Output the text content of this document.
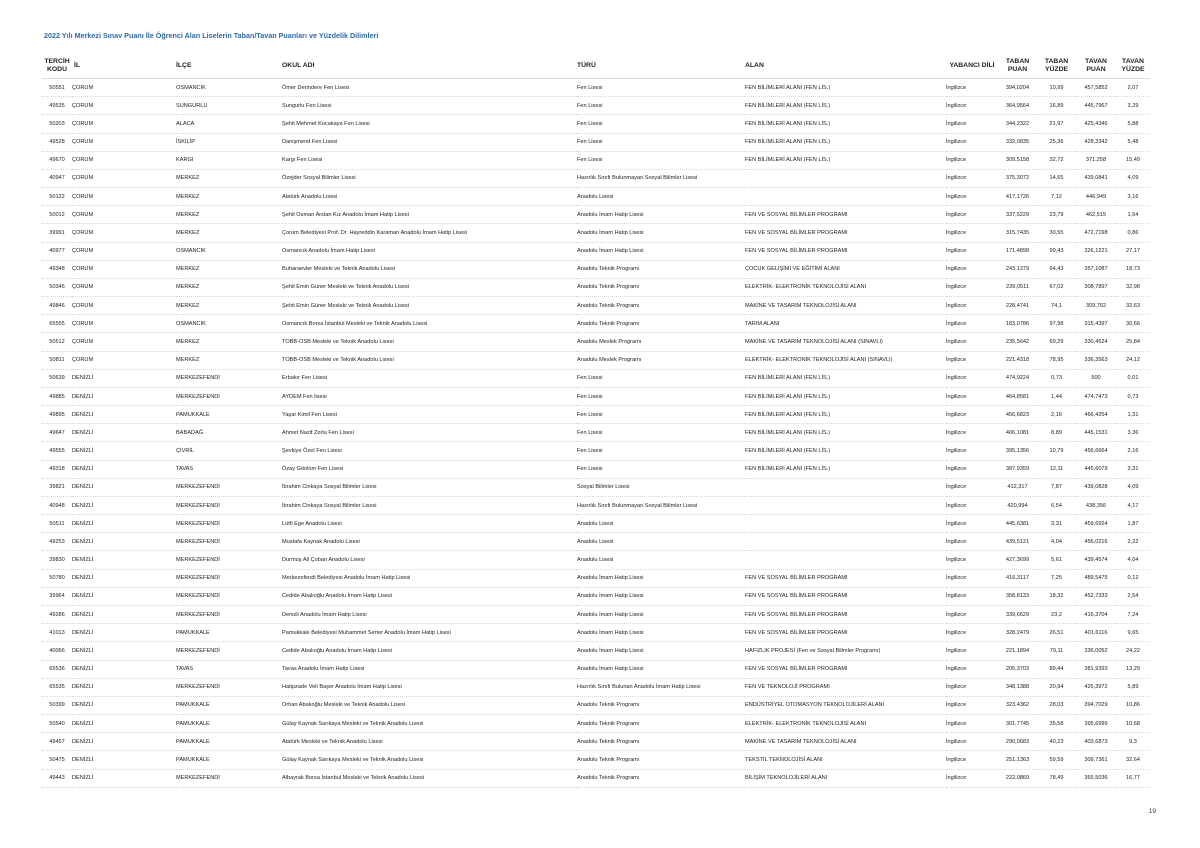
2022 Yılı Merkezi Sınav Puanı İle Öğrenci Alan Liselerin Taban/Tavan Puanları ve Yüzdelik Dilimleri
TERCİH KODU	İL	İLÇE	OKUL ADI	TÜRÜ	ALAN	YABANCI DİLİ	TABAN PUAN	TABAN YÜZDE	TAVAN PUAN	TAVAN YÜZDE
50551	ÇORUM	OSMANCIK	Ömer Derindere Fen Lisesi	Fen Lisesi	FEN BİLİMLERİ ALANI (FEN LİS.)	İngilizce	394,0204	10,99	457,5852	2,07
49535	ÇORUM	SUNGURLU	Sungurlu Fen Lisesi	Fen Lisesi	FEN BİLİMLERİ ALANI (FEN LİS.)	İngilizce	364,9564	16,89	445,7967	3,29
50203	ÇORUM	ALACA	Şehit Mehmet Kocakaya Fen Lisesi	Fen Lisesi	FEN BİLİMLERİ ALANI (FEN LİS.)	İngilizce	344,2322	21,97	425,4346	5,88
49528	ÇORUM	İSKİLİP	Danişmend Fen Lisesi	Fen Lisesi	FEN BİLİMLERİ ALANI (FEN LİS.)	İngilizce	332,0835	25,36	428,3342	5,48
49670	ÇORUM	KARGI	Kargı Fen Lisesi	Fen Lisesi	FEN BİLİMLERİ ALANI (FEN LİS.)	İngilizce	309,5158	32,72	371,258	15,49
40947	ÇORUM	MERKEZ	Özejder Sosyal Bilimler Lisesi	Hazırlık Sınıfı Bulunmayan Sosyal Bilimler Lisesi		İngilizce	375,3072	14,65	439,0841	4,09
50122	ÇORUM	MERKEZ	Atatürk Anadolu Lisesi	Anadolu Lisesi		İngilizce	417,1726	7,12	446,949	3,16
50012	ÇORUM	MERKEZ	Şehit Osman Arslan Kız Anadolu İmam Hatip Lisesi	Anadolu İmam Hatip Lisesi	FEN VE SOSYAL BİLİMLER PROGRAMI	İngilizce	337,5229	23,79	462,515	1,64
39991	ÇORUM	MERKEZ	Çorum Belediyesi Prof. Dr. Hayreddin Karaman Anadolu İmam Hatip Lisesi	Anadolu İmam Hatip Lisesi	FEN VE SOSYAL BİLİMLER PROGRAMI	İngilizce	315,7435	30,55	472,7198	0,86
40977	ÇORUM	OSMANCIK	Osmancık Anadolu İmam Hatip Lisesi	Anadolu İmam Hatip Lisesi	FEN VE SOSYAL BİLİMLER PROGRAMI	İngilizce	171,4898	99,43	326,1221	27,17
49348	ÇORUM	MERKEZ	Buharaevler Mesleki ve Teknik Anadolu Lisesi	Anadolu Teknik Programı	ÇOCUK GELİŞİMİ VE EĞİTİMİ ALANI	İngilizce	243,1379	64,43	357,1087	18,73
50346	ÇORUM	MERKEZ	Şehit Emin Güner Mesleki ve Teknik Anadolu Lisesi	Anadolu Teknik Programı	ELEKTRİK- ELEKTRONİK TEKNOLOJİSİ ALANI	İngilizce	239,0511	67,02	308,7897	32,98
49846	ÇORUM	MERKEZ	Şehit Emin Güner Mesleki ve Teknik Anadolu Lisesi	Anadolu Teknik Programı	MAKİNE VE TASARIM TEKNOLOJİSİ ALANI	İngilizce	228,4741	74,1	309,762	32,63
65555	ÇORUM	OSMANCIK	Osmancık Borsa İstanbul Mesleki ve Teknik Anadolu Lisesi	Anadolu Teknik Programı	TARIM ALANI	İngilizce	183,0786	97,98	315,4397	30,66
50512	ÇORUM	MERKEZ	TOBB-OSB Mesleki ve Teknik Anadolu Lisesi	Anadolu Meslek Programı	MAKİNE VE TASARIM TEKNOLOJİSİ ALANI (SINAVLI)	İngilizce	235,5642	69,29	330,4524	25,84
50811	ÇORUM	MERKEZ	TOBB-OSB Mesleki ve Teknik Anadolu Lisesi	Anadolu Meslek Programı	ELEKTRİK- ELEKTRONİK TEKNOLOJİSİ ALANI (SINAVLI)	İngilizce	221,4318	78,95	336,3563	24,12
50639	DENİZLİ	MERKEZEFENDİ	Erbakır Fen Lisesi	Fen Lisesi	FEN BİLİMLERİ ALANI (FEN LİS.)	İngilizce	474,9224	0,73	500	0,01
49885	DENİZLİ	MERKEZEFENDİ	AYDEM Fen lisesi	Fen Lisesi	FEN BİLİMLERİ ALANI (FEN LİS.)	İngilizce	464,8581	1,44	474,7473	0,73
49895	DENİZLİ	PAMUKKALE	Yaşar Kimil Fen Lisesi	Fen Lisesi	FEN BİLİMLERİ ALANI (FEN LİS.)	İngilizce	456,6823	2,16	466,4254	1,31
49647	DENİZLİ	BABADAĞ	Ahmet Nazif Zorlu Fen Lisesi	Fen Lisesi	FEN BİLİMLERİ ALANI (FEN LİS.)	İngilizce	406,1081	8,89	445,1531	3,36
49555	DENİZLİ	ÇİVRİL	Şevkiye Özel Fen Lisesi	Fen Lisesi	FEN BİLİMLERİ ALANI (FEN LİS.)	İngilizce	395,1356	10,79	456,6664	2,16
49318	DENİZLİ	TAVAS	Özay Gönlüm Fen Lisesi	Fen Lisesi	FEN BİLİMLERİ ALANI (FEN LİS.)	İngilizce	387,9359	12,11	445,6079	3,31
39821	DENİZLİ	MERKEZEFENDİ	İbrahim Cinkaya Sosyal Bilimler Lisesi	Sosyal Bilimler Lisesi		İngilizce	412,317	7,87	439,0828	4,09
40948	DENİZLİ	MERKEZEFENDİ	İbrahim Cinkaya Sosyal Bilimler Lisesi	Hazırlık Sınıfı Bulunmayan Sosyal Bilimler Lisesi		İngilizce	420,994	6,54	438,356	4,17
50511	DENİZLİ	MERKEZEFENDİ	Lütfi Ege Anadolu Lisesi	Anadolu Lisesi		İngilizce	445,6381	3,31	459,6924	1,87
49253	DENİZLİ	MERKEZEFENDİ	Mustafa Kaynak Anadolu Lisesi	Anadolu Lisesi		İngilizce	439,5121	4,04	456,0216	2,22
39830	DENİZLİ	MERKEZEFENDİ	Durmuş Ali Çoban Anadolu Lisesi	Anadolu Lisesi		İngilizce	427,3699	5,61	439,4574	4,04
50780	DENİZLİ	MERKEZEFENDİ	Merkezefendi Belediyesi Anadolu İmam Hatip Lisesi	Anadolu İmam Hatip Lisesi	FEN VE SOSYAL BİLİMLER PROGRAMI	İngilizce	416,3117	7,25	489,5475	0,12
39964	DENİZLİ	MERKEZEFENDİ	Cedide Abalıoğlu Anadolu İmam Hatip Lisesi	Anadolu İmam Hatip Lisesi	FEN VE SOSYAL BİLİMLER PROGRAMI	İngilizce	358,8133	18,32	452,7333	2,54
49286	DENİZLİ	MERKEZEFENDİ	Denizli Anadolu İmam Hatip Lisesi	Anadolu İmam Hatip Lisesi	FEN VE SOSYAL BİLİMLER PROGRAMI	İngilizce	339,6629	23,2	416,3704	7,24
41013	DENİZLİ	PAMUKKALE	Pamukkale Belediyesi Muhammet Serter Anadolu İmam Hatip Lisesi	Anadolu İmam Hatip Lisesi	FEN VE SOSYAL BİLİMLER PROGRAMI	İngilizce	328,2479	26,51	401,6116	9,65
40066	DENİZLİ	MERKEZEFENDİ	Cedide Abalıoğlu Anadolu İmam Hatip Lisesi	Anadolu İmam Hatip Lisesi	HAFIZLIK PROJESİ (Fen ve Sosyal Bilimler Programı)	İngilizce	221,1894	79,11	336,0052	24,22
65536	DENİZLİ	TAVAS	Tavas Anadolu İmam Hatip Lisesi	Anadolu İmam Hatip Lisesi	FEN VE SOSYAL BİLİMLER PROGRAMI	İngilizce	205,3703	89,44	381,9393	13,29
65535	DENİZLİ	MERKEZEFENDİ	Hatipzade Veli Başer Anadolu İmam Hatip Lisesi	Hazırlık Sınıfı Bulunan Anadolu İmam Hatip Lisesi	FEN VE TEKNOLOJİ PROGRAMI	İngilizce	348,1388	20,94	425,3972	5,89
50399	DENİZLİ	PAMUKKALE	Orhan Abalıoğlu Mesleki ve Teknik Anadolu Lisesi	Anadolu Teknik Programı	ENDÜSTRİYEL OTOMASYON TEKNOLOJİLERİ ALANI	İngilizce	323,4362	28,03	394,7029	10,86
50540	DENİZLİ	PAMUKKALE	Gülay Kaynak Sarıkaya Mesleki ve Teknik Anadolu Lisesi	Anadolu Teknik Programı	ELEKTRİK- ELEKTRONİK TEKNOLOJİSİ ALANI	İngilizce	301,7745	35,58	395,6999	10,68
49457	DENİZLİ	PAMUKKALE	Atatürk Mesleki ve Teknik Anadolu Lisesi	Anadolu Teknik Programı	MAKİNE VE TASARIM TEKNOLOJİSİ ALANI	İngilizce	290,0683	40,23	403,6873	9,3
50475	DENİZLİ	PAMUKKALE	Gülay Kaynak Sarıkaya Mesleki ve Teknik Anadolu Lisesi	Anadolu Teknik Programı	TEKSTİL TEKNOLOJİSİ ALANI	İngilizce	251,1363	59,59	309,7361	32,64
49443	DENİZLİ	MERKEZEFENDİ	Albayrak Borsa İstanbul Mesleki ve Teknik Anadolu Lisesi	Anadolu Teknik Programı	BİLİŞİM TEKNOLOJİLERİ ALANI	İngilizce	222,0869	78,49	365,5036	16,77
19
